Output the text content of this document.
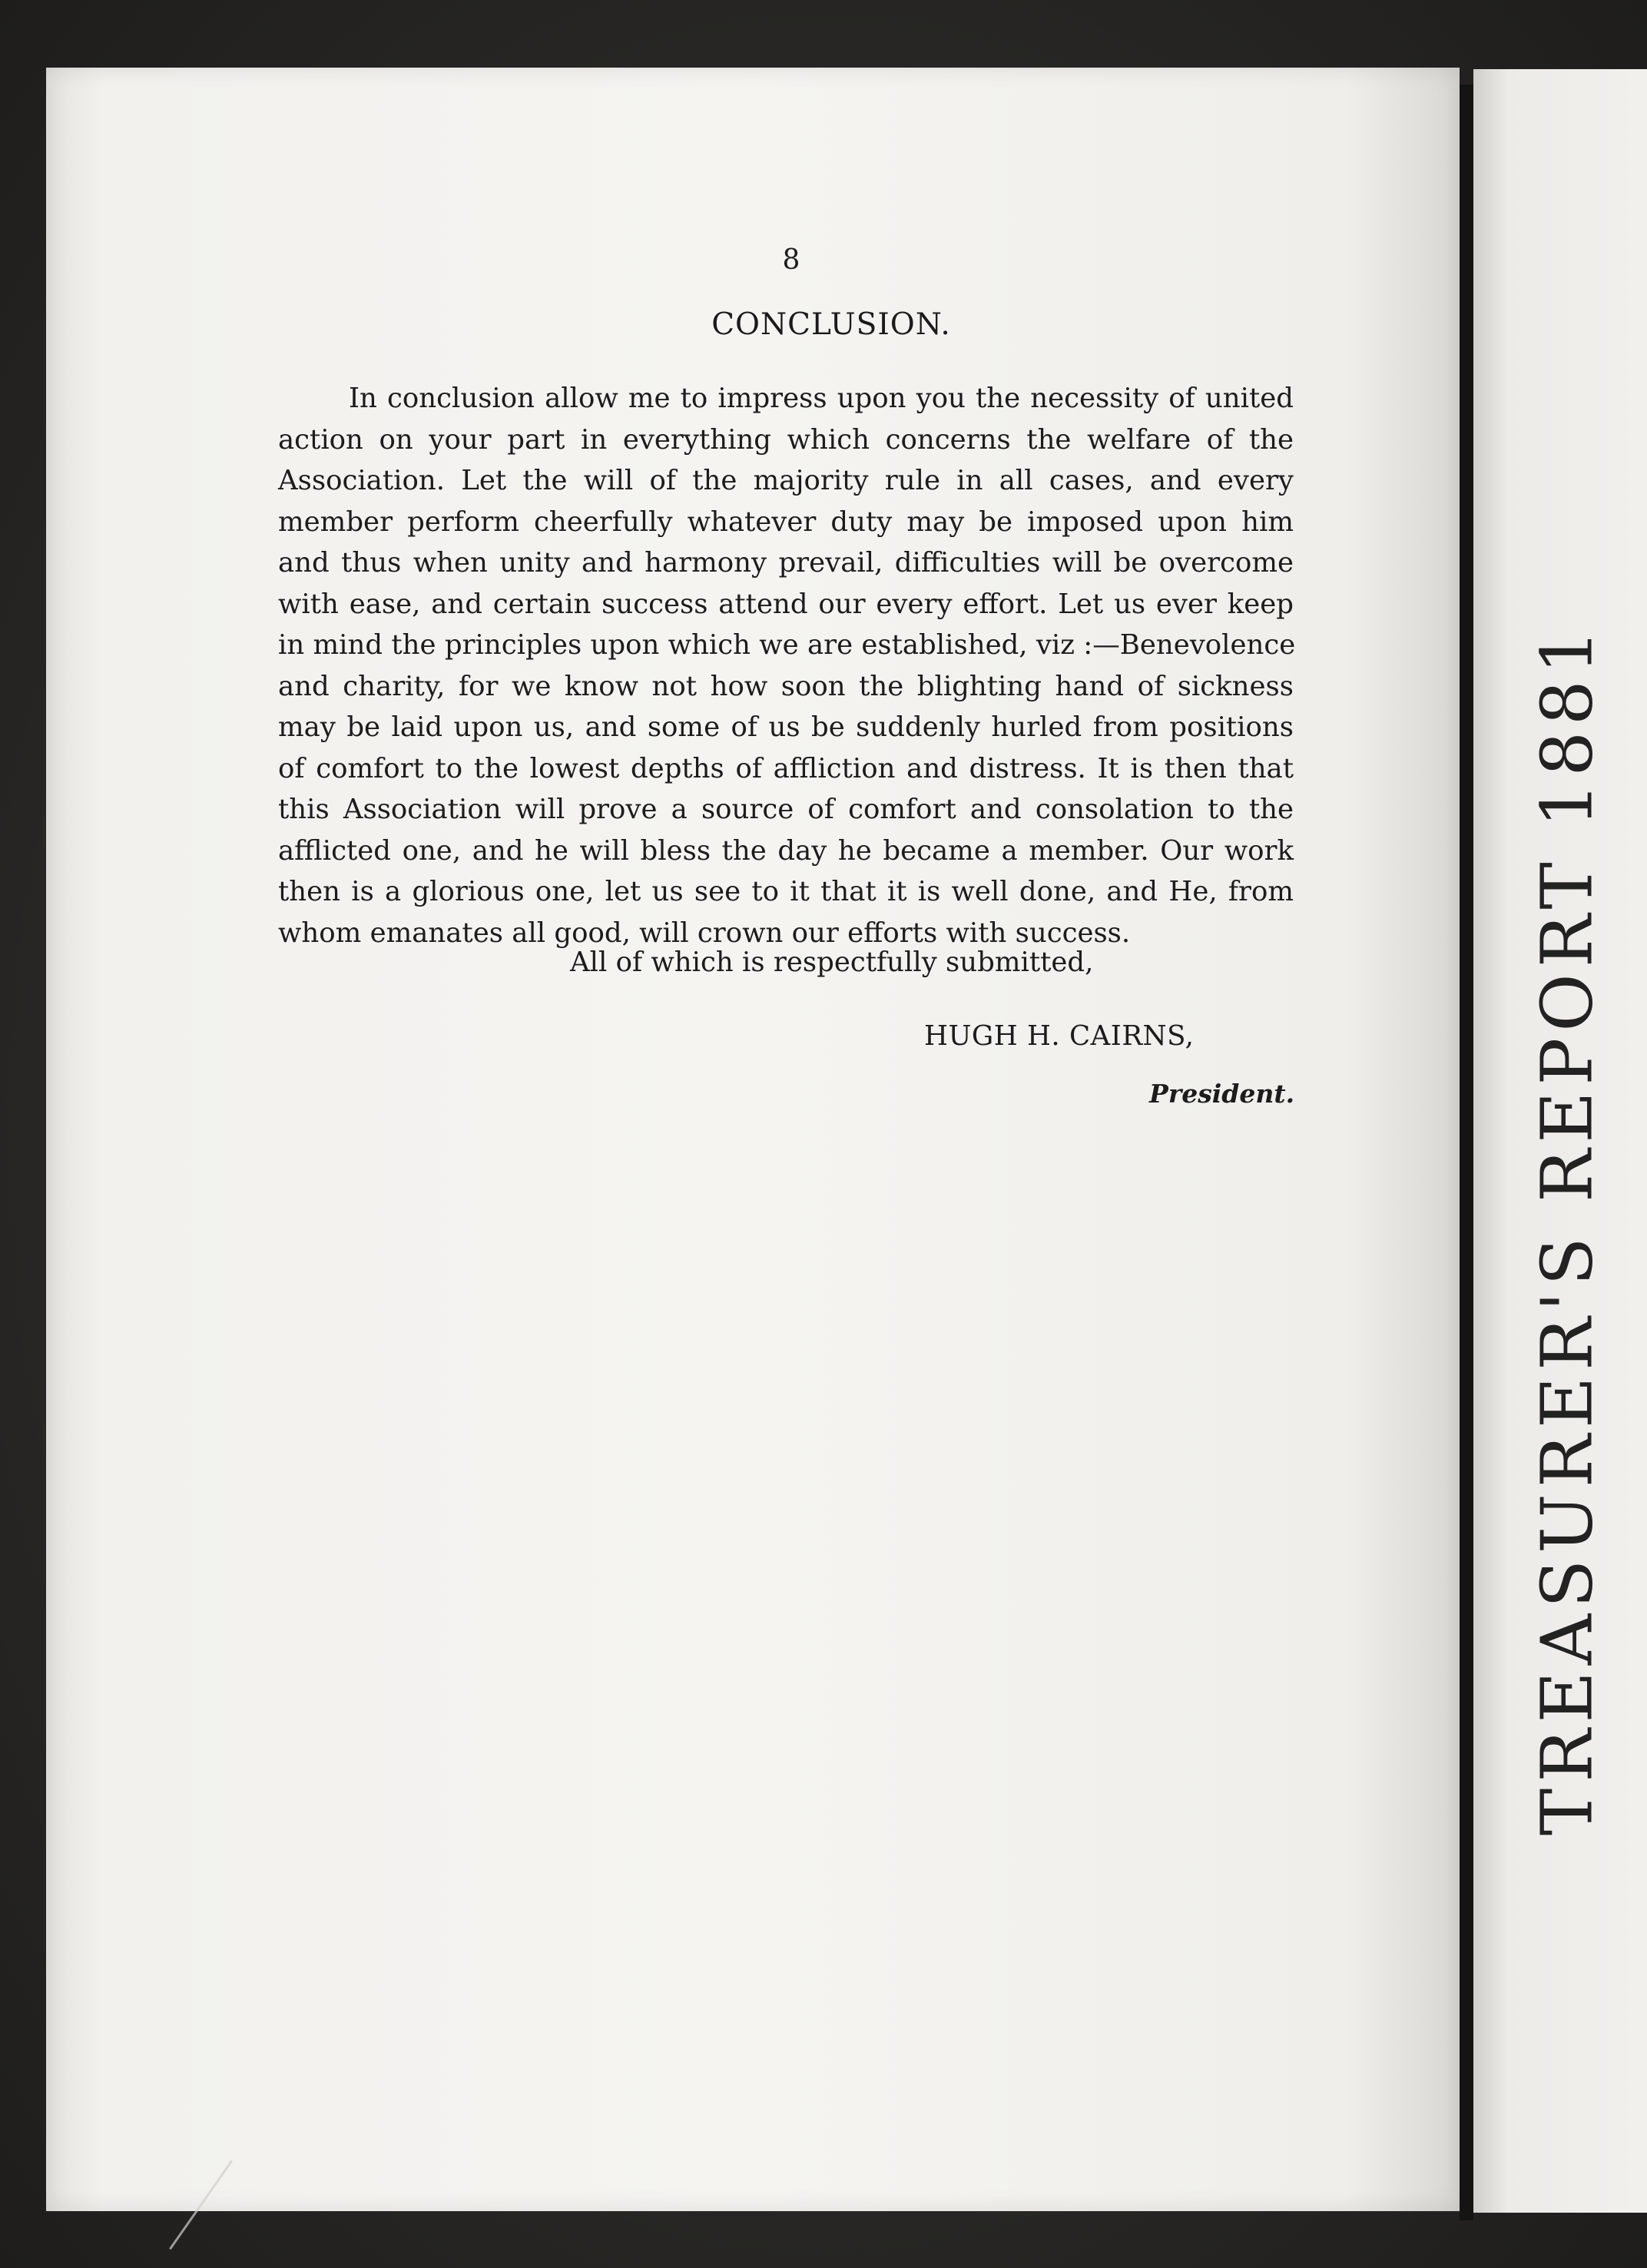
8
CONCLUSION.
In conclusion allow me to impress upon you the necessity of united
action on your part in everything which concerns the welfare of the
Association. Let the will of the majority rule in all cases, and every
member perform cheerfully whatever duty may be imposed upon him
and thus when unity and harmony prevail, difficulties will be overcome
with ease, and certain success attend our every effort. Let us ever keep
in mind the principles upon which we are established, viz :—Benevolence
and charity, for we know not how soon the blighting hand of sickness
may be laid upon us, and some of us be suddenly hurled from positions
of comfort to the lowest depths of affliction and distress. It is then that
this Association will prove a source of comfort and consolation to the
afflicted one, and he will bless the day he became a member. Our work
then is a glorious one, let us see to it that it is well done, and He, from
whom emanates all good, will crown our efforts with success.
All of which is respectfully submitted,
HUGH H. CAIRNS,
President.	TREASURER'S REPORT 1881
